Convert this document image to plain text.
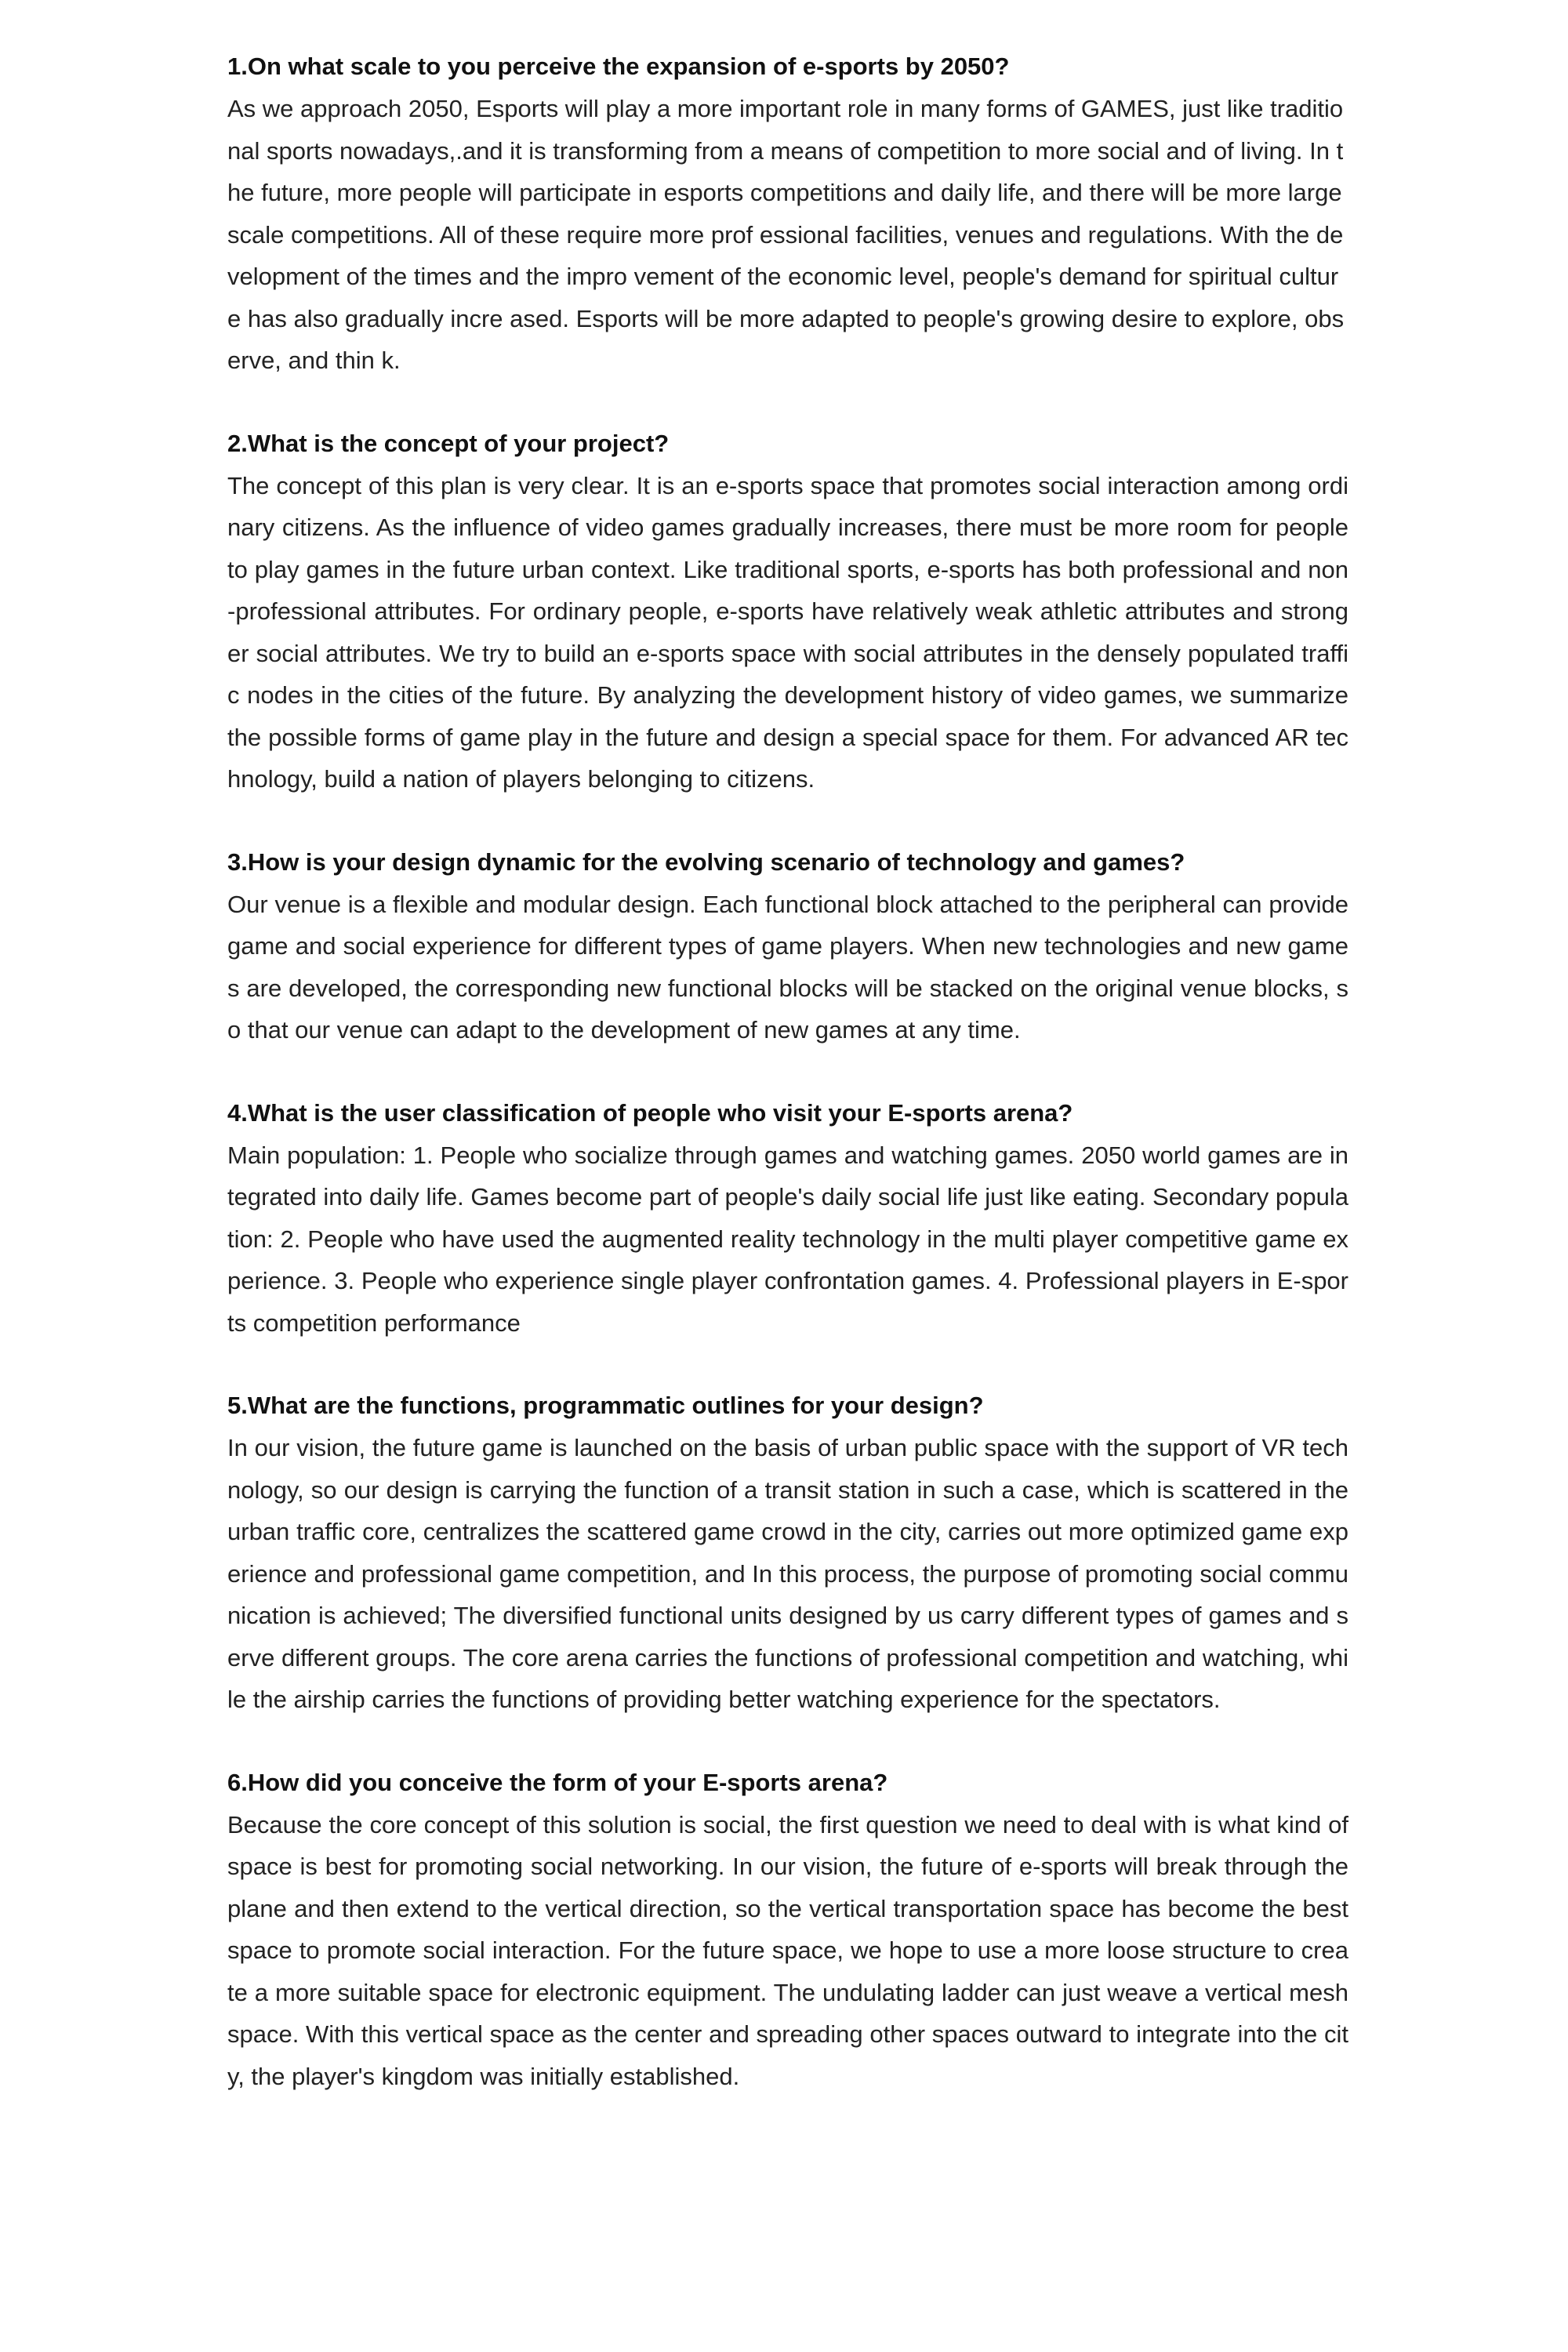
1.On what scale to you perceive the expansion of e-sports by 2050?

As we approach 2050, Esports will play a more important role in many forms of GAMES, just like traditional sports nowadays,.and it is transforming from a means of competition to more social and of living. In the future, more people will participate in esports competitions and daily life, and there will be more largescale competitions. All of these require more prof essional facilities, venues and regulations. With the development of the times and the impro vement of the economic level, people's demand for spiritual culture has also gradually incre ased. Esports will be more adapted to people's growing desire to explore, observe, and thin k.

2.What is the concept of your project?

The concept of this plan is very clear. It is an e-sports space that promotes social interaction among ordinary citizens. As the influence of video games gradually increases, there must be more room for people to play games in the future urban context. Like traditional sports, e-sports has both professional and non-professional attributes. For ordinary people, e-sports have relatively weak athletic attributes and stronger social attributes. We try to build an e-sports space with social attributes in the densely populated traffic nodes in the cities of the future. By analyzing the development history of video games, we summarize the possible forms of game play in the future and design a special space for them. For advanced AR technology, build a nation of players belonging to citizens.

3.How is your design dynamic for the evolving scenario of technology and games?

Our venue is a flexible and modular design. Each functional block attached to the peripheral can provide game and social experience for different types of game players. When new technologies and new games are developed, the corresponding new functional blocks will be stacked on the original venue blocks, so that our venue can adapt to the development of new games at any time.

4.What is the user classification of people who visit your E-sports arena?

Main population: 1. People who socialize through games and watching games. 2050 world games are integrated into daily life. Games become part of people's daily social life just like eating. Secondary population: 2. People who have used the augmented reality technology in the multi player competitive game experience. 3. People who experience single player confrontation games. 4. Professional players in E-sports competition performance

5.What are the functions, programmatic outlines for your design?

In our vision, the future game is launched on the basis of urban public space with the support of VR technology, so our design is carrying the function of a transit station in such a case, which is scattered in the urban traffic core, centralizes the scattered game crowd in the city, carries out more optimized game experience and professional game competition, and In this process, the purpose of promoting social communication is achieved; The diversified functional units designed by us carry different types of games and serve different groups. The core arena carries the functions of professional competition and watching, while the airship carries the functions of providing better watching experience for the spectators.

6.How did you conceive the form of your E-sports arena?

Because the core concept of this solution is social, the first question we need to deal with is what kind of space is best for promoting social networking. In our vision, the future of e-sports will break through the plane and then extend to the vertical direction, so the vertical transportation space has become the best space to promote social interaction. For the future space, we hope to use a more loose structure to create a more suitable space for electronic equipment. The undulating ladder can just weave a vertical mesh space. With this vertical space as the center and spreading other spaces outward to integrate into the city, the player's kingdom was initially established.
